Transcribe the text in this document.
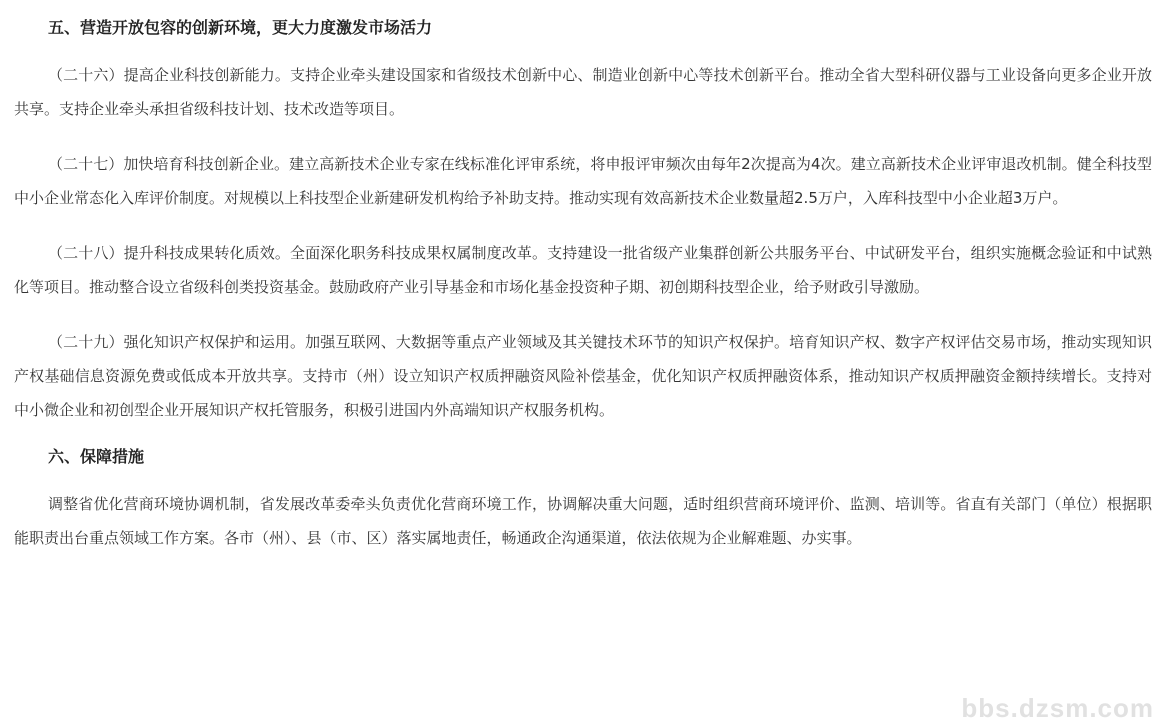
五、营造开放包容的创新环境，更大力度激发市场活力

（二十六）提高企业科技创新能力。支持企业牵头建设国家和省级技术创新中心、制造业创新中心等技术创新平台。推动全省大型科研仪器与工业设备向更多企业开放共享。支持企业牵头承担省级科技计划、技术改造等项目。

（二十七）加快培育科技创新企业。建立高新技术企业专家在线标准化评审系统，将申报评审频次由每年2次提高为4次。建立高新技术企业评审退改机制。健全科技型中小企业常态化入库评价制度。对规模以上科技型企业新建研发机构给予补助支持。推动实现有效高新技术企业数量超2.5万户，入库科技型中小企业超3万户。

（二十八）提升科技成果转化质效。全面深化职务科技成果权属制度改革。支持建设一批省级产业集群创新公共服务平台、中试研发平台，组织实施概念验证和中试熟化等项目。推动整合设立省级科创类投资基金。鼓励政府产业引导基金和市场化基金投资种子期、初创期科技型企业，给予财政引导激励。

（二十九）强化知识产权保护和运用。加强互联网、大数据等重点产业领域及其关键技术环节的知识产权保护。培育知识产权、数字产权评估交易市场，推动实现知识产权基础信息资源免费或低成本开放共享。支持市（州）设立知识产权质押融资风险补偿基金，优化知识产权质押融资体系，推动知识产权质押融资金额持续增长。支持对中小微企业和初创型企业开展知识产权托管服务，积极引进国内外高端知识产权服务机构。

六、保障措施

调整省优化营商环境协调机制，省发展改革委牵头负责优化营商环境工作，协调解决重大问题，适时组织营商环境评价、监测、培训等。省直有关部门（单位）根据职能职责出台重点领域工作方案。各市（州）、县（市、区）落实属地责任，畅通政企沟通渠道，依法依规为企业解难题、办实事。

bbs.dzsm.com
